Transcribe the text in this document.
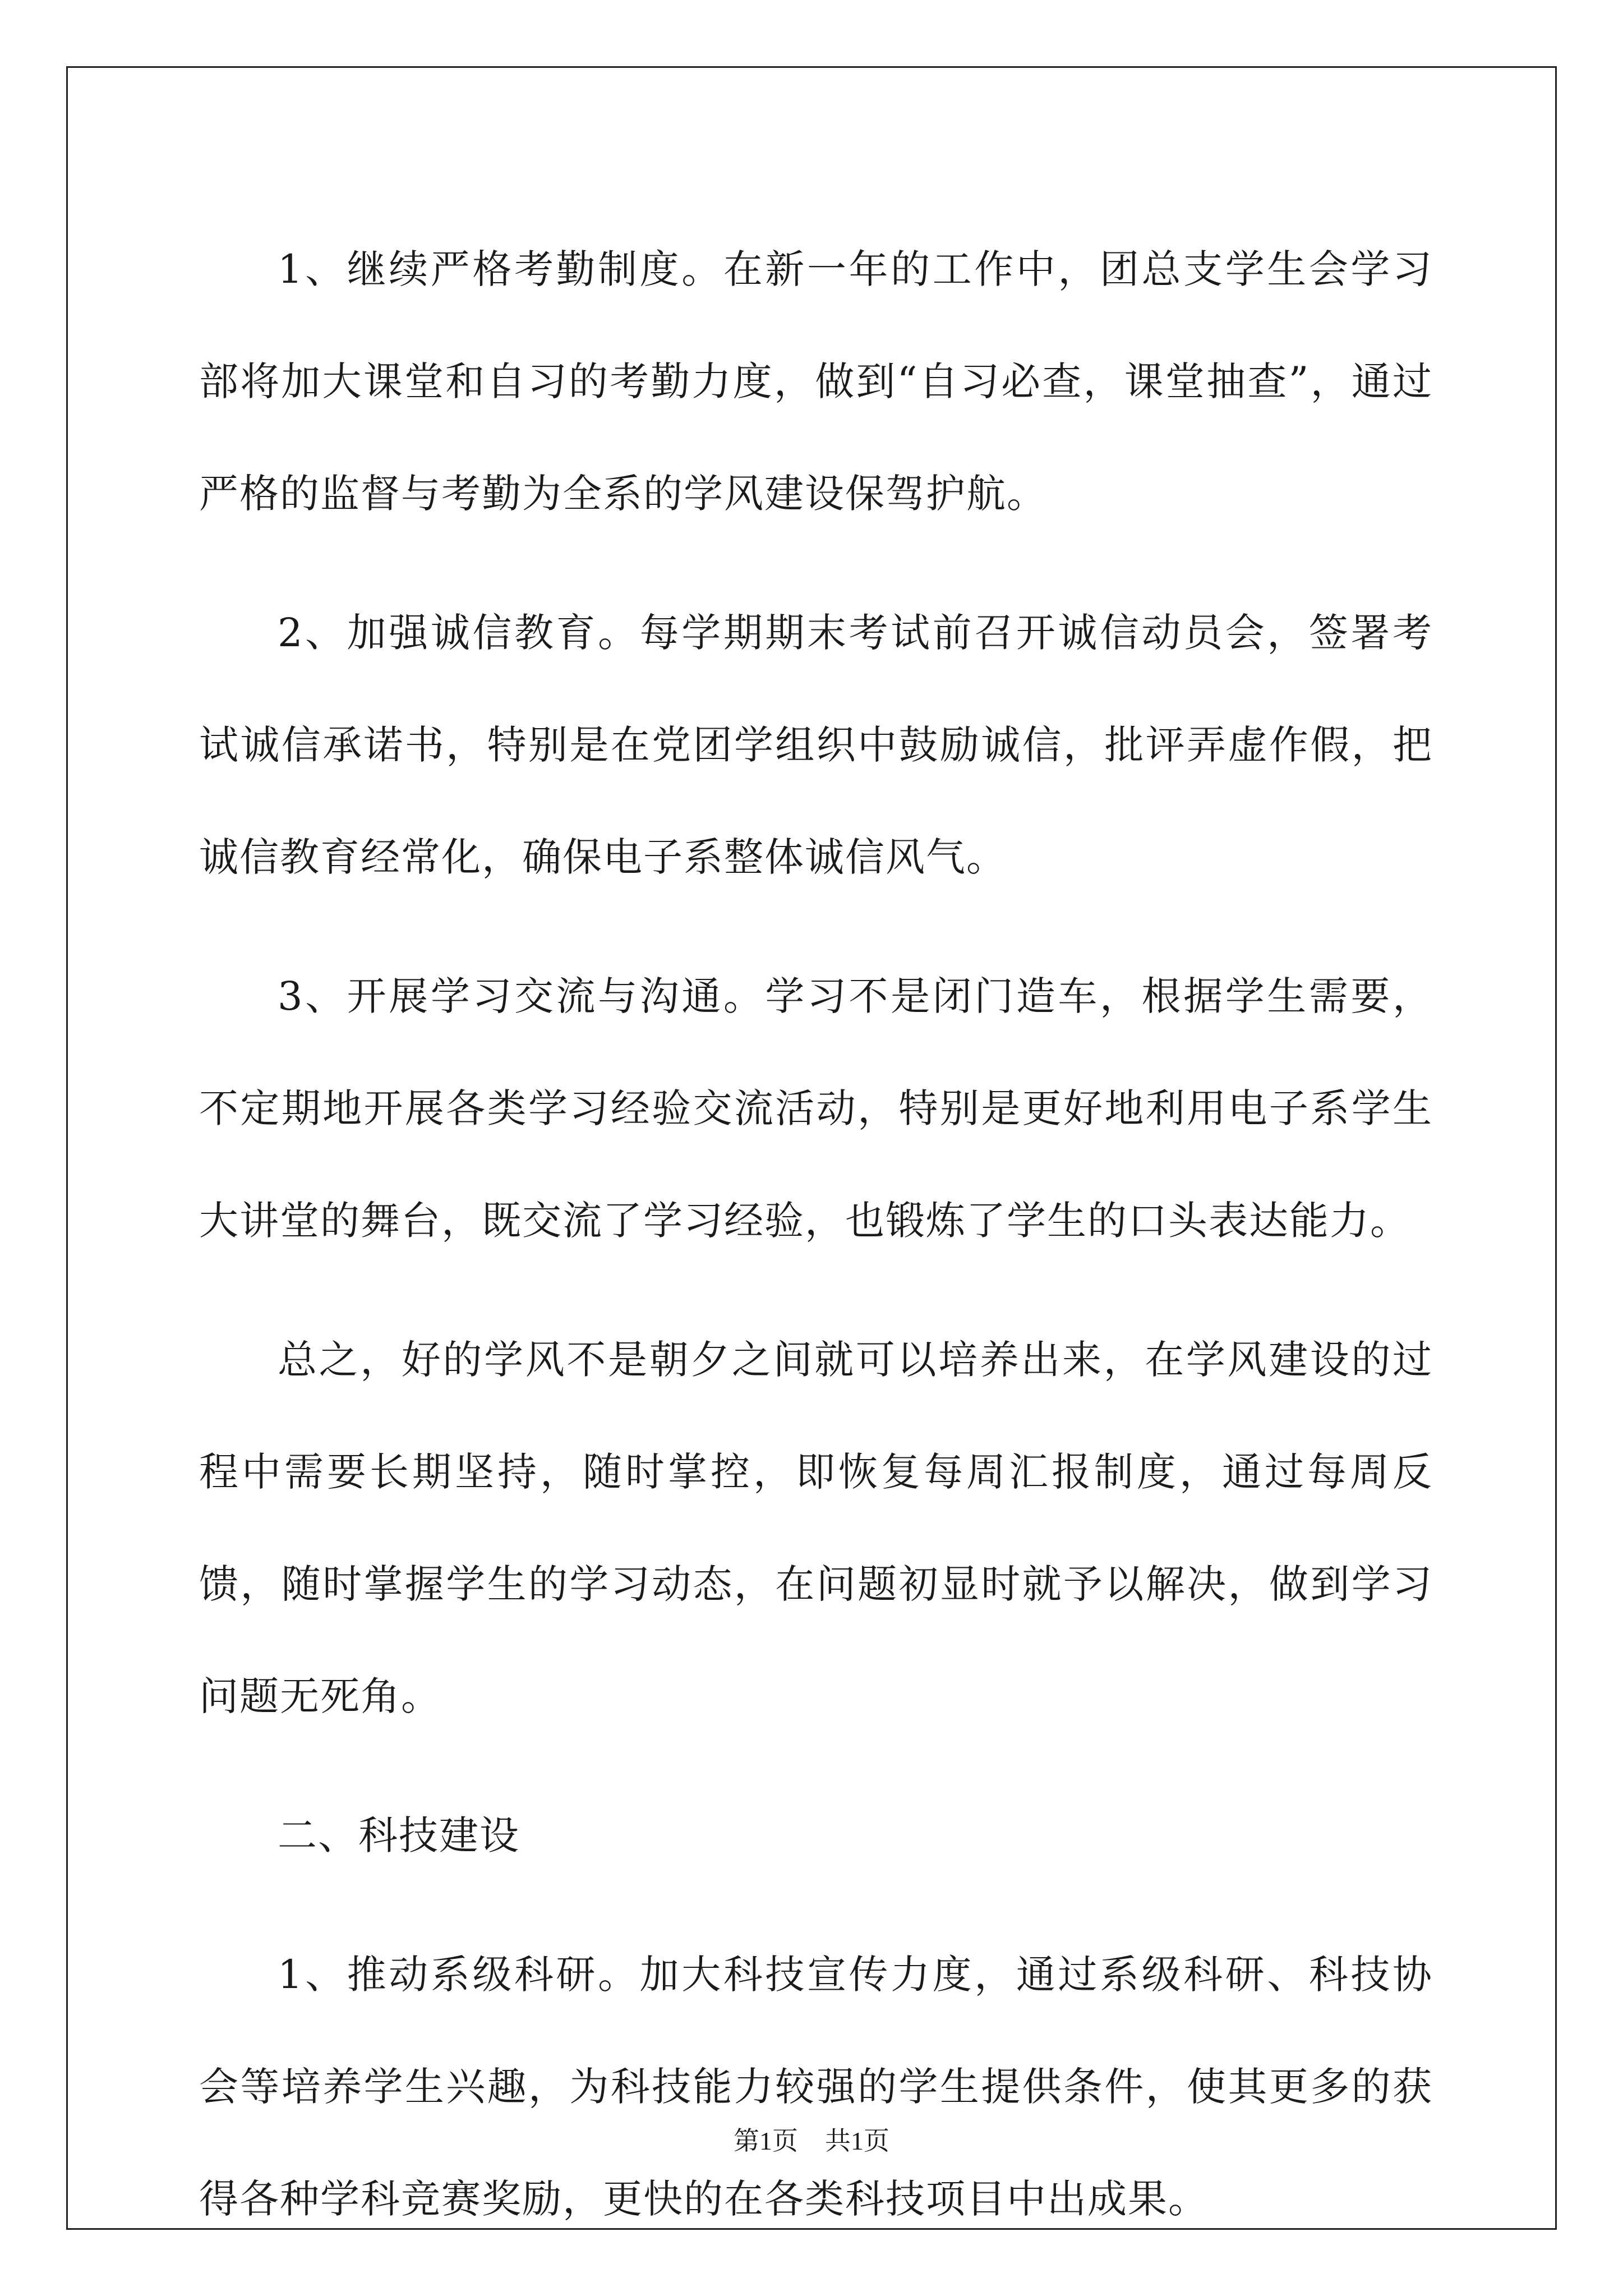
1、继续严格考勤制度。在新一年的工作中，团总支学生会学习部将加大课堂和自习的考勤力度，做到“自习必查，课堂抽查”，通过严格的监督与考勤为全系的学风建设保驾护航。

2、加强诚信教育。每学期期末考试前召开诚信动员会，签署考试诚信承诺书，特别是在党团学组织中鼓励诚信，批评弄虚作假，把诚信教育经常化，确保电子系整体诚信风气。

3、开展学习交流与沟通。学习不是闭门造车，根据学生需要，不定期地开展各类学习经验交流活动，特别是更好地利用电子系学生大讲堂的舞台，既交流了学习经验，也锻炼了学生的口头表达能力。

总之，好的学风不是朝夕之间就可以培养出来，在学风建设的过程中需要长期坚持，随时掌控，即恢复每周汇报制度，通过每周反馈，随时掌握学生的学习动态，在问题初显时就予以解决，做到学习问题无死角。

二、科技建设

1、推动系级科研。加大科技宣传力度，通过系级科研、科技协会等培养学生兴趣，为科技能力较强的学生提供条件，使其更多的获得各种学科竞赛奖励，更快的在各类科技项目中出成果。

第1页 共1页
